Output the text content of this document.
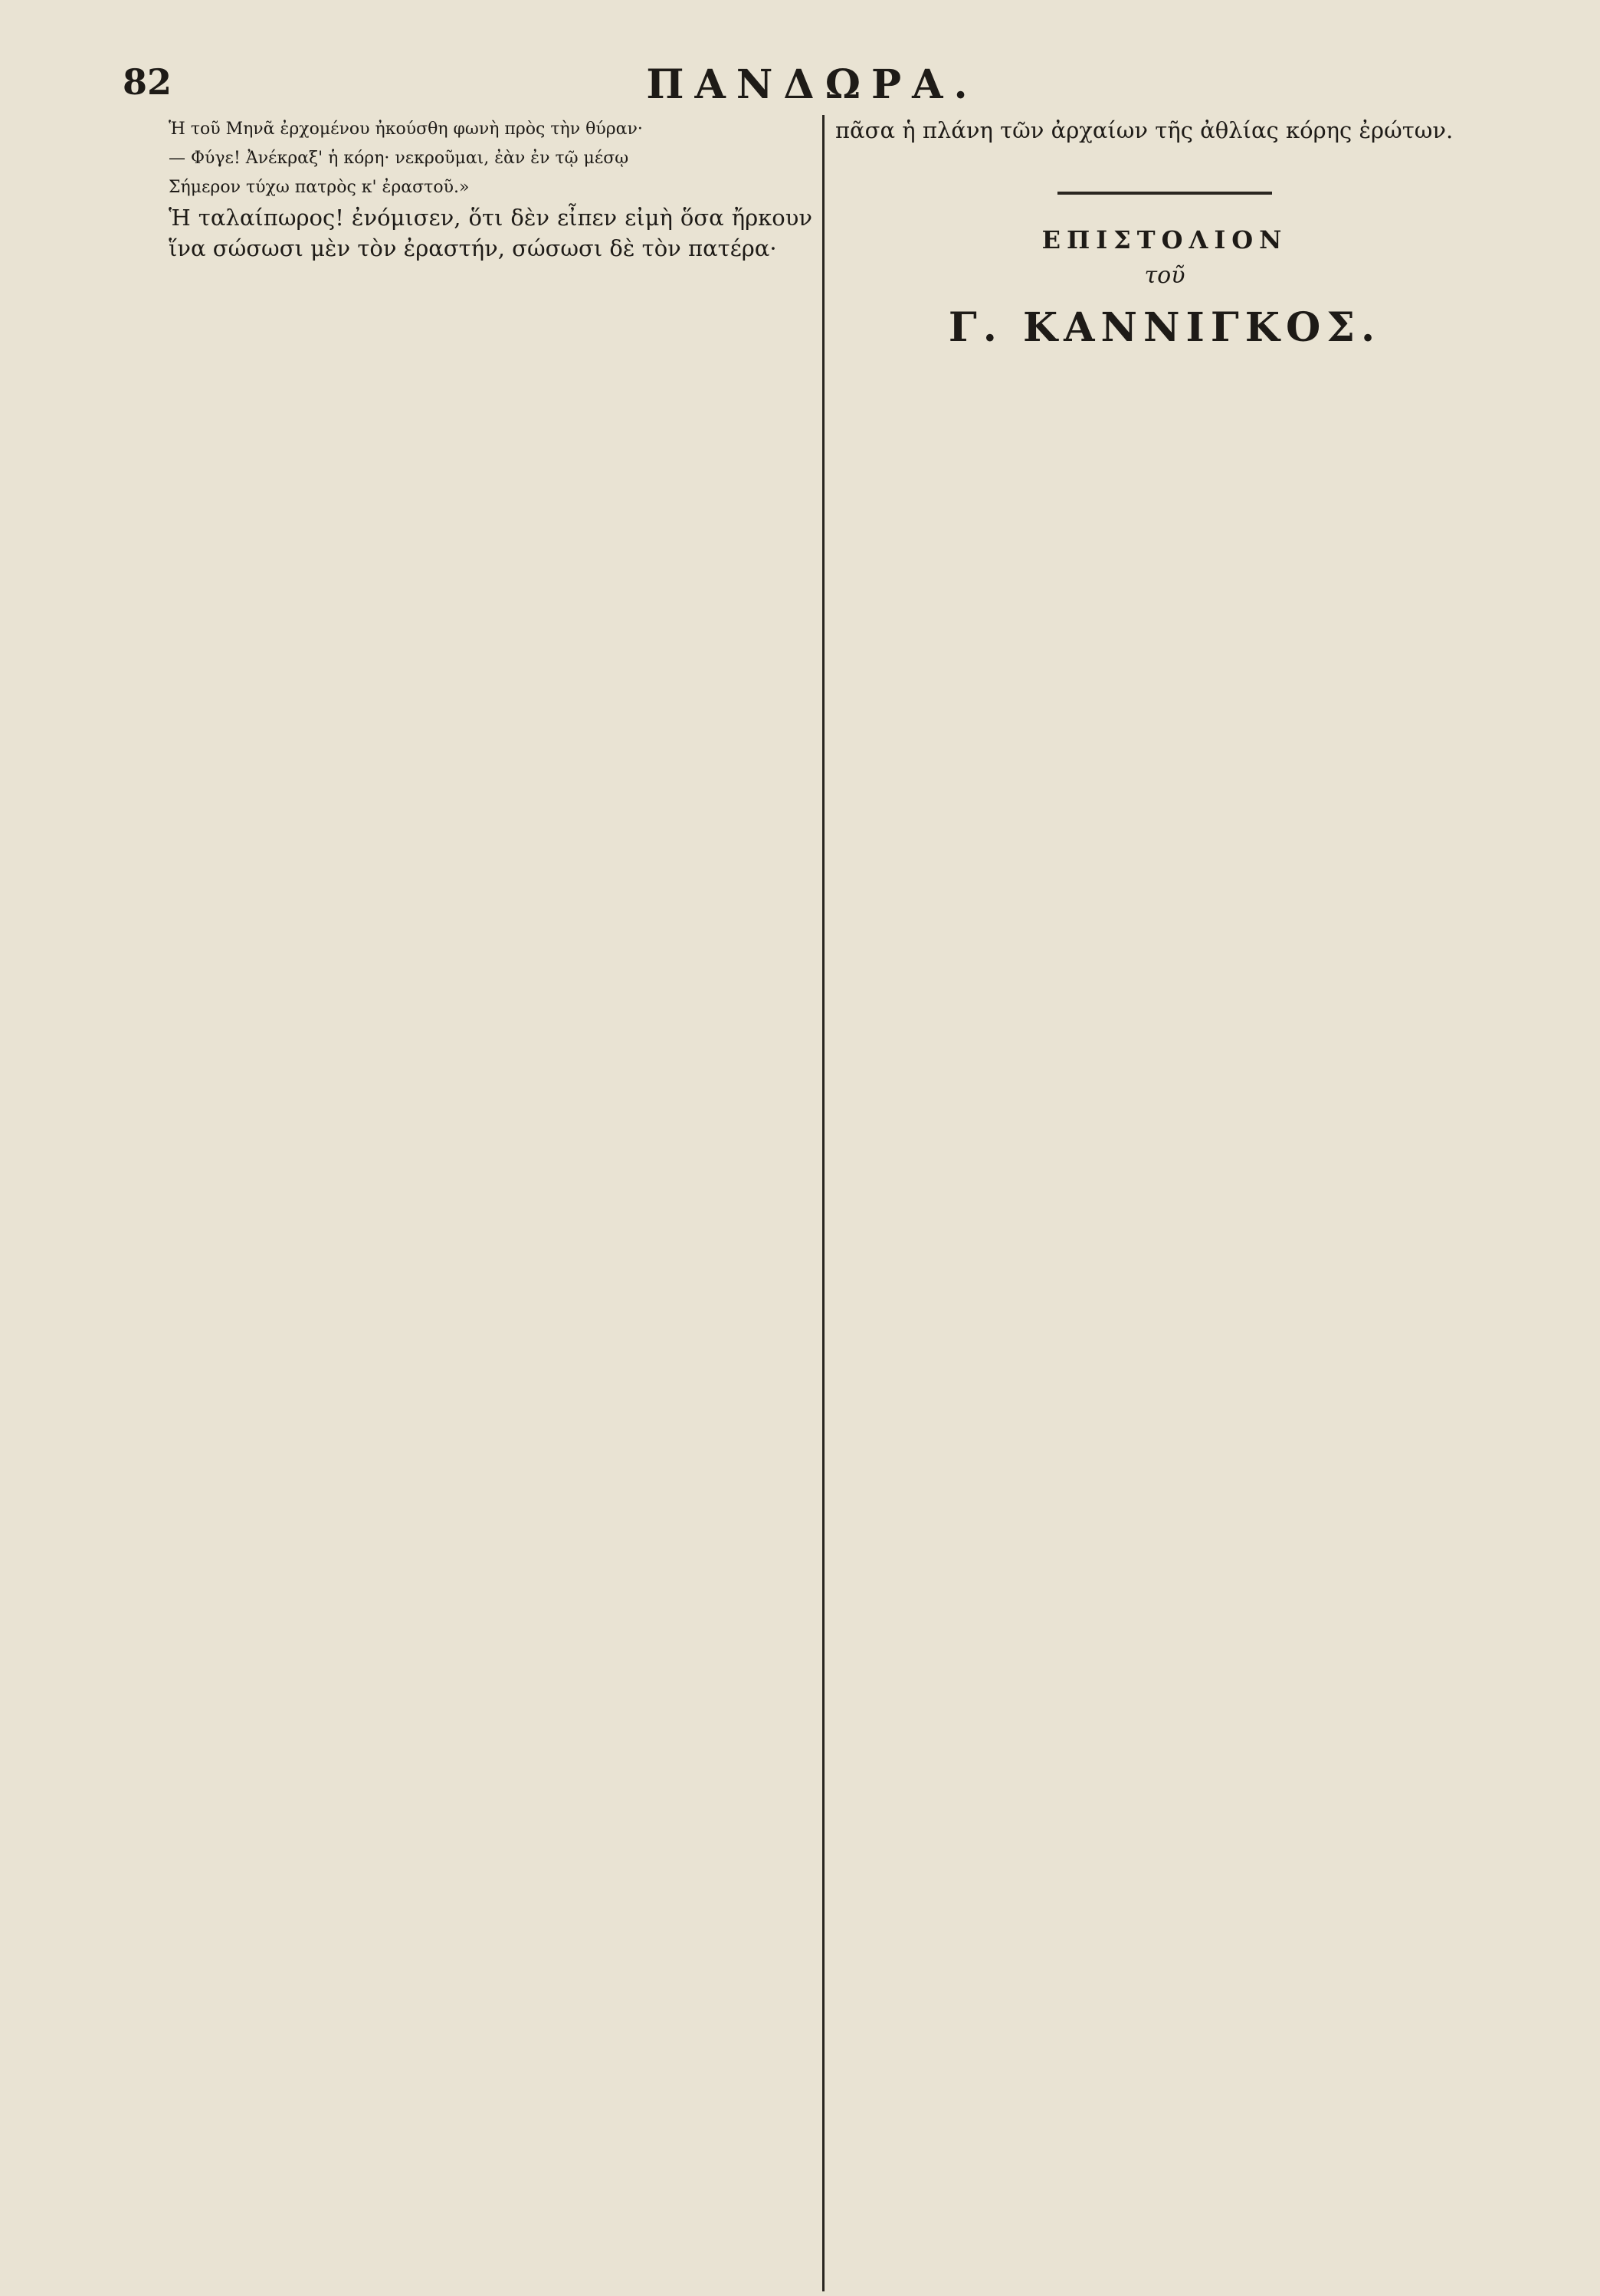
82	ΠΑΝΔΩΡΑ.

Ἡ τοῦ Μηνᾶ ἐρχομένου ἠκούσθη φωνὴ πρὸς τὴν θύραν·

— Φύγε! Ἀνέκραξ' ἡ κόρη· νεκροῦμαι, ἐὰν ἐν τῷ μέσῳ

Σήμερον τύχω πατρὸς κ' ἐραστοῦ.»

Ἡ ταλαίπωρος! ἐνόμισεν, ὅτι δὲν εἶπεν εἰμὴ ὅσα ἤρκουν ἵνα σώσωσι μὲν τὸν ἐραστήν, σώσωσι δὲ τὸν πατέρα·

πᾶσα ἡ πλάνη τῶν ἀρχαίων τῆς ἀθλίας κόρης ἐρώτων.

ΕΠΙΣΤΟΛΙΟΝ

τοῦ

Γ. ΚΑΝΝΙΓΚΟΣ.
